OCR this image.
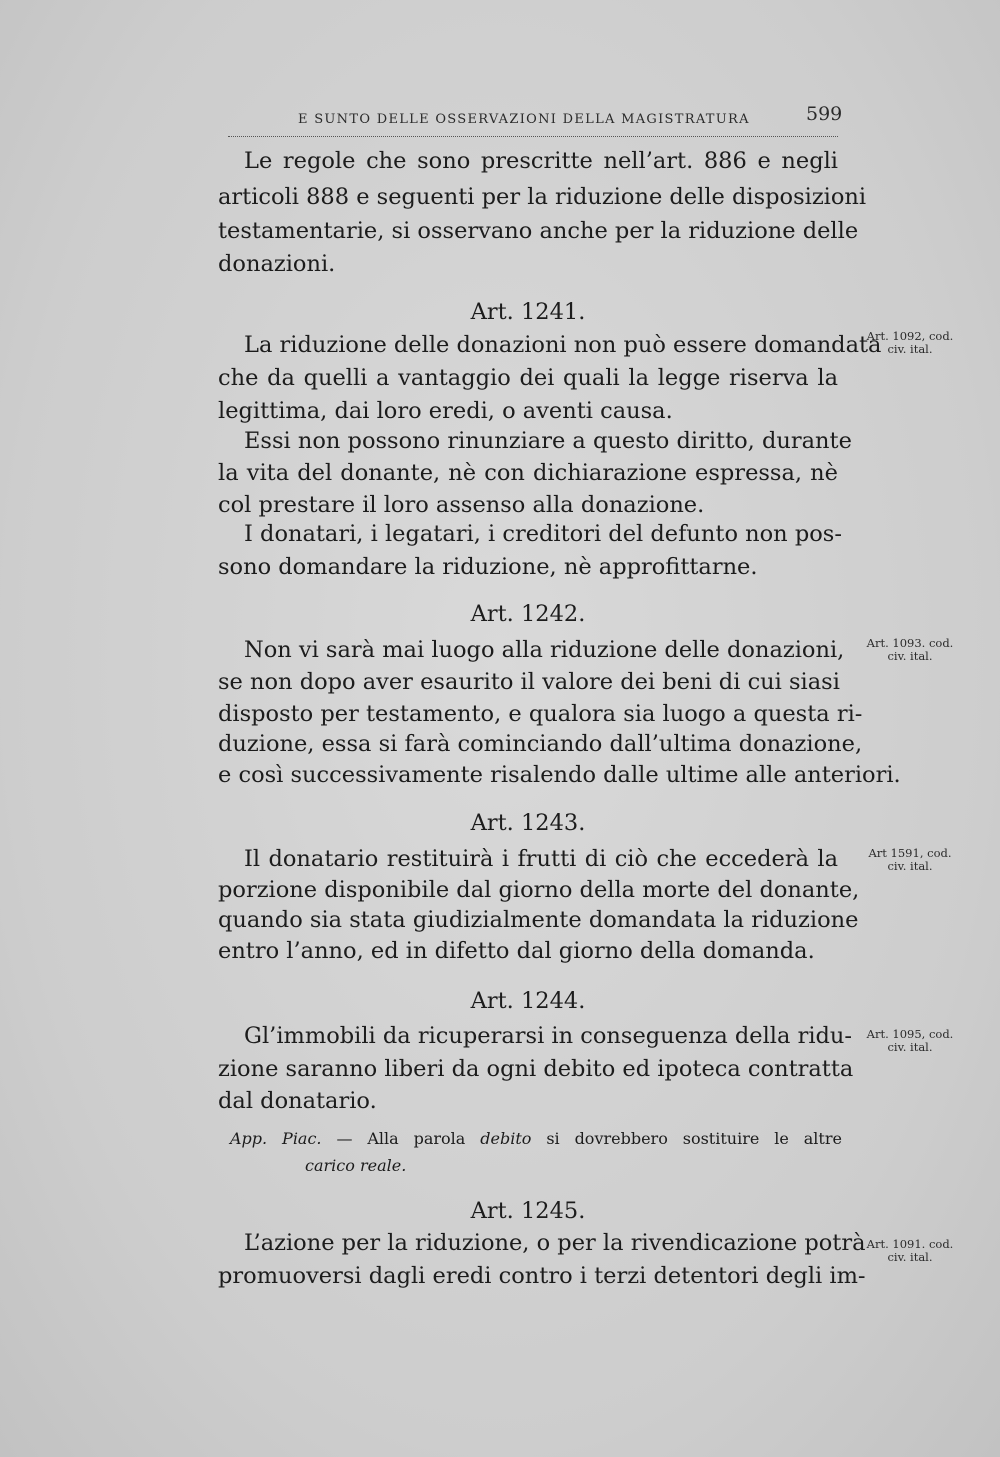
E SUNTO DELLE OSSERVAZIONI DELLA MAGISTRATURA	599

Le regole che sono prescritte nell’art. 886 e negli

articoli 888 e seguenti per la riduzione delle disposizioni

testamentarie, si osservano anche per la riduzione delle

donazioni.

Art. 1241.
Art. 1092, cod.
civ. ital.

La riduzione delle donazioni non può essere domandata

che da quelli a vantaggio dei quali la legge riserva la

legittima, dai loro eredi, o aventi causa.

Essi non possono rinunziare a questo diritto, durante

la vita del donante, nè con dichiarazione espressa, nè

col prestare il loro assenso alla donazione.

I donatari, i legatari, i creditori del defunto non pos-

sono domandare la riduzione, nè approfittarne.

Art. 1242.
Art. 1093. cod.
civ. ital.

Non vi sarà mai luogo alla riduzione delle donazioni,

se non dopo aver esaurito il valore dei beni di cui siasi

disposto per testamento, e qualora sia luogo a questa ri-

duzione, essa si farà cominciando dall’ultima donazione,

e così successivamente risalendo dalle ultime alle anteriori.

Art. 1243.
Art 1591, cod.
civ. ital.

Il donatario restituirà i frutti di ciò che eccederà la

porzione disponibile dal giorno della morte del donante,

quando sia stata giudizialmente domandata la riduzione

entro l’anno, ed in difetto dal giorno della domanda.

Art. 1244.
Art. 1095, cod.
civ. ital.

Gl’immobili da ricuperarsi in conseguenza della ridu-

zione saranno liberi da ogni debito ed ipoteca contratta

dal donatario.

App. Piac. — Alla parola debito si dovrebbero sostituire le altre
carico reale.
Art. 1245.
Art. 1091. cod.
civ. ital.

L’azione per la riduzione, o per la rivendicazione potrà

promuoversi dagli eredi contro i terzi detentori degli im-
